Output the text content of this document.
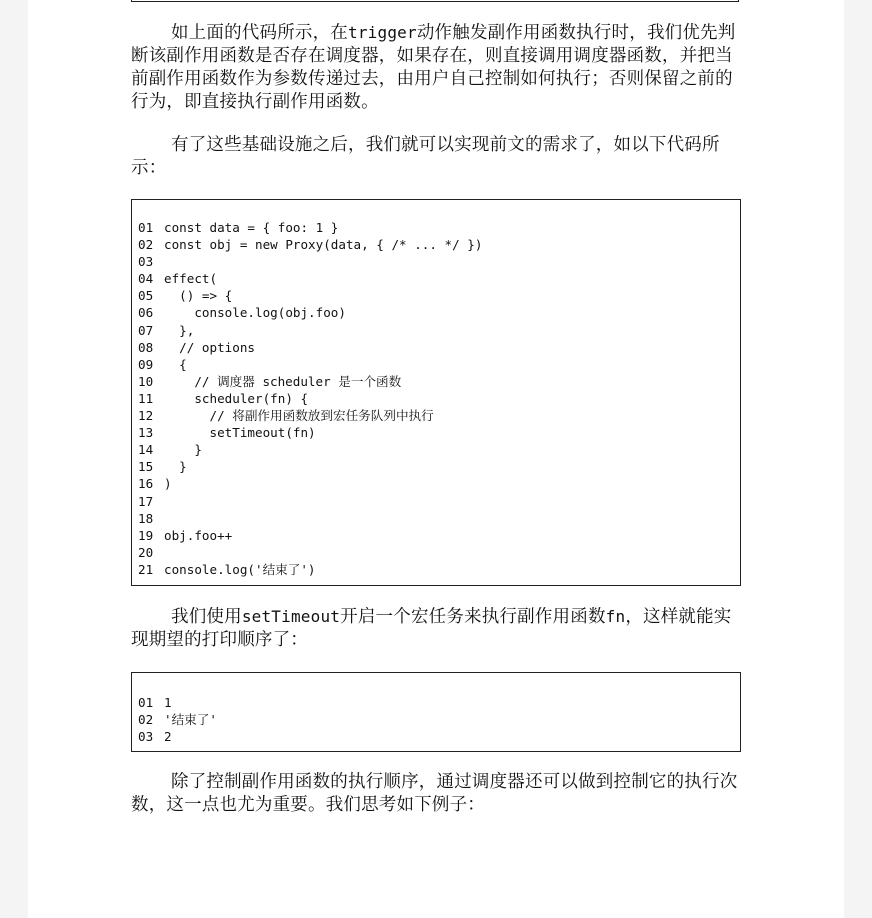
如上面的代码所示，在trigger动作触发副作用函数执行时，我们优先判断该副作用函数是否存在调度器，如果存在，则直接调用调度器函数，并把当前副作用函数作为参数传递过去，由用户自己控制如何执行；否则保留之前的行为，即直接执行副作用函数。

有了这些基础设施之后，我们就可以实现前文的需求了，如以下代码所示：

01 const data = { foo: 1 }
02 const obj = new Proxy(data, { /* ... */ })
03
04 effect(
05  () => {
06    console.log(obj.foo)
07  },
08  // options
09  {
10    // 调度器 scheduler 是一个函数
11    scheduler(fn) {
12      // 将副作用函数放到宏任务队列中执行
13      setTimeout(fn)
14    }
15  }
16 )
17
18
19 obj.foo++
20
21 console.log('结束了')

我们使用setTimeout开启一个宏任务来执行副作用函数fn，这样就能实现期望的打印顺序了：

01 1
02 '结束了'
03 2

除了控制副作用函数的执行顺序，通过调度器还可以做到控制它的执行次数，这一点也尤为重要。我们思考如下例子：
